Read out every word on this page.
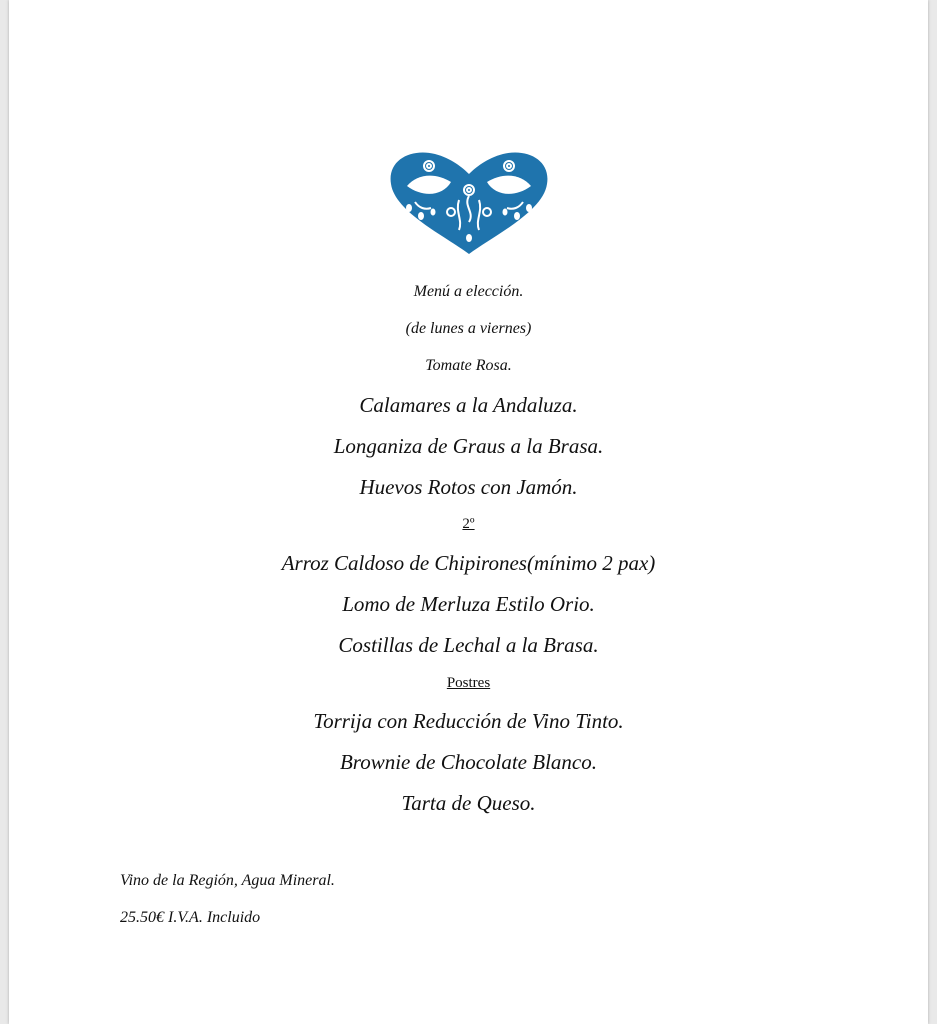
Menú a elección.
(de lunes a viernes)
Tomate Rosa.
Calamares a la Andaluza.
Longaniza de Graus a la Brasa.
Huevos Rotos con Jamón.
2º
Arroz Caldoso de Chipirones(mínimo 2 pax)
Lomo de Merluza Estilo Orio.
Costillas de Lechal a la Brasa.
Postres
Torrija con Reducción de Vino Tinto.
Brownie de Chocolate Blanco.
Tarta de Queso.
Vino de la Región, Agua Mineral.
25.50€ I.V.A. Incluido
